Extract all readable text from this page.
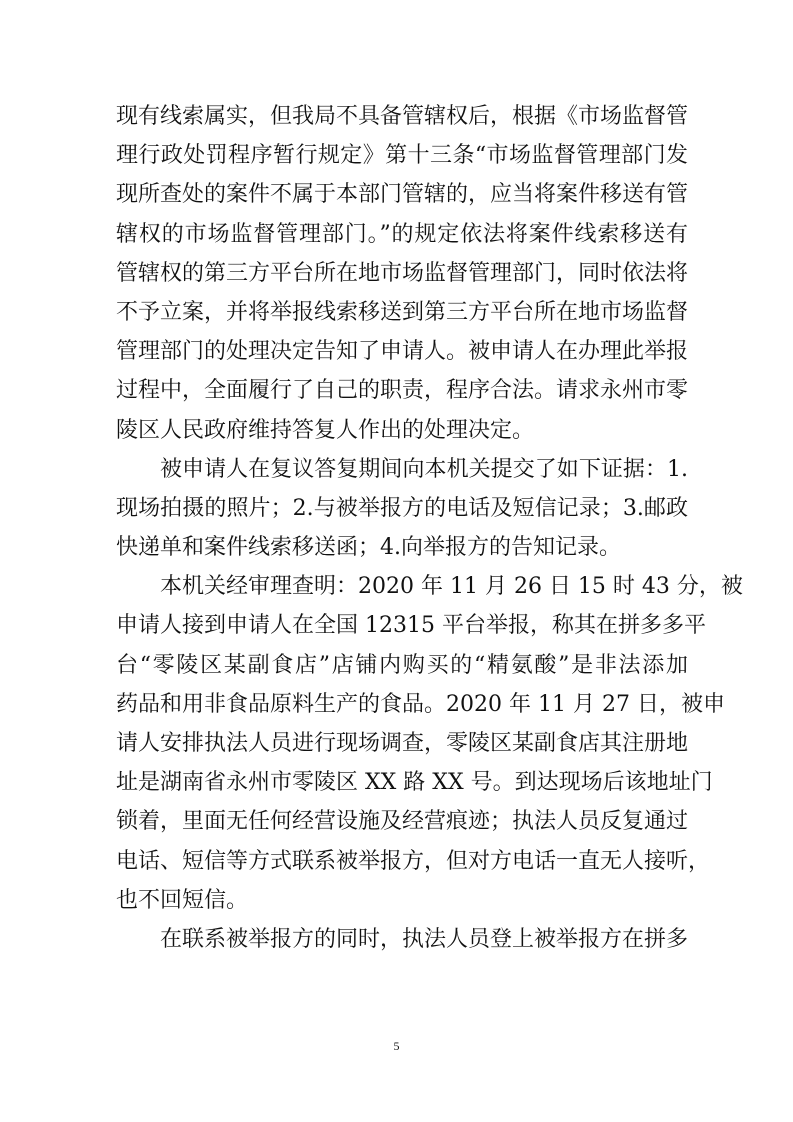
现有线索属实，但我局不具备管辖权后，根据《市场监督管
理行政处罚程序暂行规定》第十三条“市场监督管理部门发
现所查处的案件不属于本部门管辖的，应当将案件移送有管
辖权的市场监督管理部门。”的规定依法将案件线索移送有
管辖权的第三方平台所在地市场监督管理部门，同时依法将
不予立案，并将举报线索移送到第三方平台所在地市场监督
管理部门的处理决定告知了申请人。被申请人在办理此举报
过程中，全面履行了自己的职责，程序合法。请求永州市零
陵区人民政府维持答复人作出的处理决定。
被申请人在复议答复期间向本机关提交了如下证据：1.
现场拍摄的照片；2.与被举报方的电话及短信记录；3.邮政
快递单和案件线索移送函；4.向举报方的告知记录。
本机关经审理查明：2020 年 11 月 26 日 15 时 43 分，被
申请人接到申请人在全国 12315 平台举报，称其在拼多多平
台“零陵区某副食店”店铺内购买的“精氨酸”是非法添加
药品和用非食品原料生产的食品。2020 年 11 月 27 日，被申
请人安排执法人员进行现场调查，零陵区某副食店其注册地
址是湖南省永州市零陵区 XX 路 XX 号。到达现场后该地址门
锁着，里面无任何经营设施及经营痕迹；执法人员反复通过
电话、短信等方式联系被举报方，但对方电话一直无人接听，
也不回短信。
在联系被举报方的同时，执法人员登上被举报方在拼多
5
